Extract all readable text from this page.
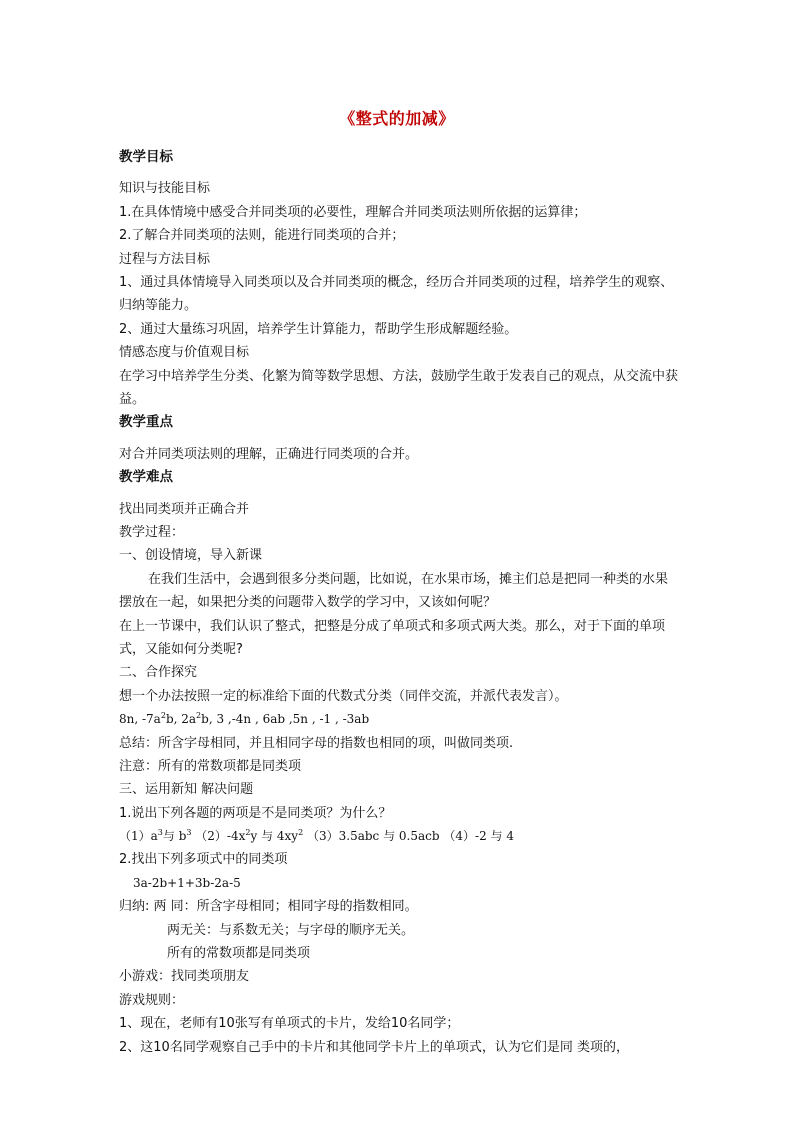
《整式的加减》
教学目标
知识与技能目标
1.在具体情境中感受合并同类项的必要性，理解合并同类项法则所依据的运算律；
2.了解合并同类项的法则，能进行同类项的合并；
过程与方法目标
1、通过具体情境导入同类项以及合并同类项的概念，经历合并同类项的过程，培养学生的观察、归纳等能力。
2、通过大量练习巩固，培养学生计算能力，帮助学生形成解题经验。
情感态度与价值观目标
在学习中培养学生分类、化繁为简等数学思想、方法，鼓励学生敢于发表自己的观点，从交流中获益。
教学重点
对合并同类项法则的理解，正确进行同类项的合并。
教学难点
找出同类项并正确合并
教学过程：
一、创设情境，导入新课
在我们生活中，会遇到很多分类问题，比如说，在水果市场，摊主们总是把同一种类的水果摆放在一起，如果把分类的问题带入数学的学习中，又该如何呢？
在上一节课中，我们认识了整式，把整是分成了单项式和多项式两大类。那么，对于下面的单项式，又能如何分类呢?
二、合作探究
想一个办法按照一定的标准给下面的代数式分类（同伴交流，并派代表发言）。
8n, $-7a^2b$, $2a^2b$, 3 ,-4n , 6ab ,5n , -1 , -3ab
总结：所含字母相同，并且相同字母的指数也相同的项，叫做同类项.
注意：所有的常数项都是同类项
三、运用新知 解决问题
1.说出下列各题的两项是不是同类项？为什么？
$(1)a^3$与 $b^3$ $(2)-4x^2y$ 与 $4xy^2$ （3）3.5abc 与 0.5acb （4）-2 与 4
2.找出下列多项式中的同类项
3a-2b+1+3b-2a-5
归纳: 两 同：所含字母相同；相同字母的指数相同。
两无关：与系数无关；与字母的顺序无关。
所有的常数项都是同类项
小游戏：找同类项朋友
游戏规则：
1、现在，老师有10张写有单项式的卡片，发给10名同学；
2、这10名同学观察自己手中的卡片和其他同学卡片上的单项式，认为它们是同 类项的，
